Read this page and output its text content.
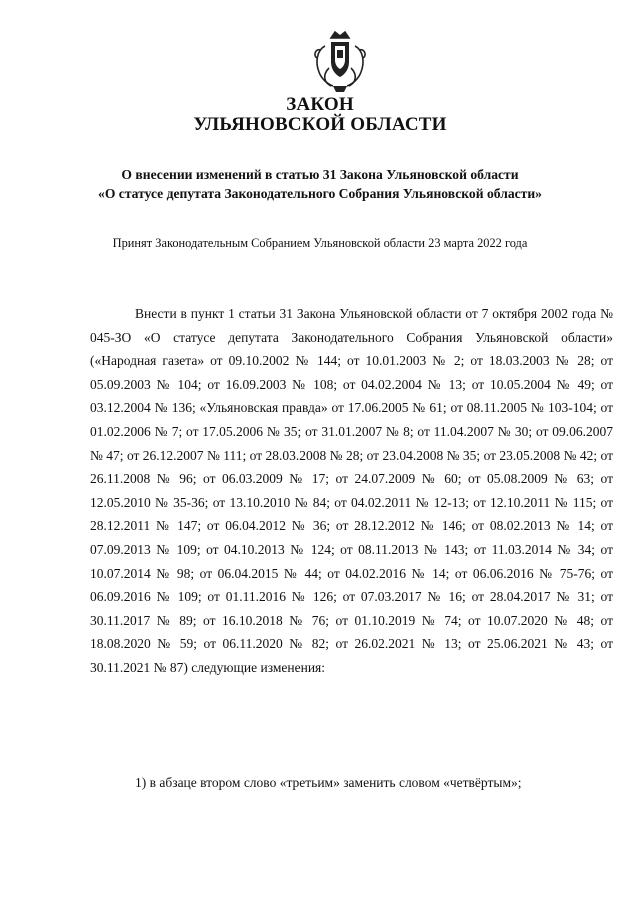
ЗАКОН
УЛЬЯНОВСКОЙ ОБЛАСТИ
О внесении изменений в статью 31 Закона Ульяновской области
«О статусе депутата Законодательного Собрания Ульяновской области»
Принят Законодательным Собранием Ульяновской области 23 марта 2022 года
Внести в пункт 1 статьи 31 Закона Ульяновской области от 7 октября 2002 года № 045-ЗО «О статусе депутата Законодательного Собрания Ульяновской области» («Народная газета» от 09.10.2002 № 144; от 10.01.2003 № 2; от 18.03.2003 № 28; от 05.09.2003 № 104; от 16.09.2003 № 108; от 04.02.2004 № 13; от 10.05.2004 № 49; от 03.12.2004 № 136; «Ульяновская правда» от 17.06.2005 № 61; от 08.11.2005 № 103-104; от 01.02.2006 № 7; от 17.05.2006 № 35; от 31.01.2007 № 8; от 11.04.2007 № 30; от 09.06.2007 № 47; от 26.12.2007 № 111; от 28.03.2008 № 28; от 23.04.2008 № 35; от 23.05.2008 № 42; от 26.11.2008 № 96; от 06.03.2009 № 17; от 24.07.2009 № 60; от 05.08.2009 № 63; от 12.05.2010 № 35-36; от 13.10.2010 № 84; от 04.02.2011 № 12-13; от 12.10.2011 № 115; от 28.12.2011 № 147; от 06.04.2012 № 36; от 28.12.2012 № 146; от 08.02.2013 № 14; от 07.09.2013 № 109; от 04.10.2013 № 124; от 08.11.2013 № 143; от 11.03.2014 № 34; от 10.07.2014 № 98; от 06.04.2015 № 44; от 04.02.2016 № 14; от 06.06.2016 № 75-76; от 06.09.2016 № 109; от 01.11.2016 № 126; от 07.03.2017 № 16; от 28.04.2017 № 31; от 30.11.2017 № 89; от 16.10.2018 № 76; от 01.10.2019 № 74; от 10.07.2020 № 48; от 18.08.2020 № 59; от 06.11.2020 № 82; от 26.02.2021 № 13; от 25.06.2021 № 43; от 30.11.2021 № 87) следующие изменения:
1) в абзаце втором слово «третьим» заменить словом «четвёртым»;
